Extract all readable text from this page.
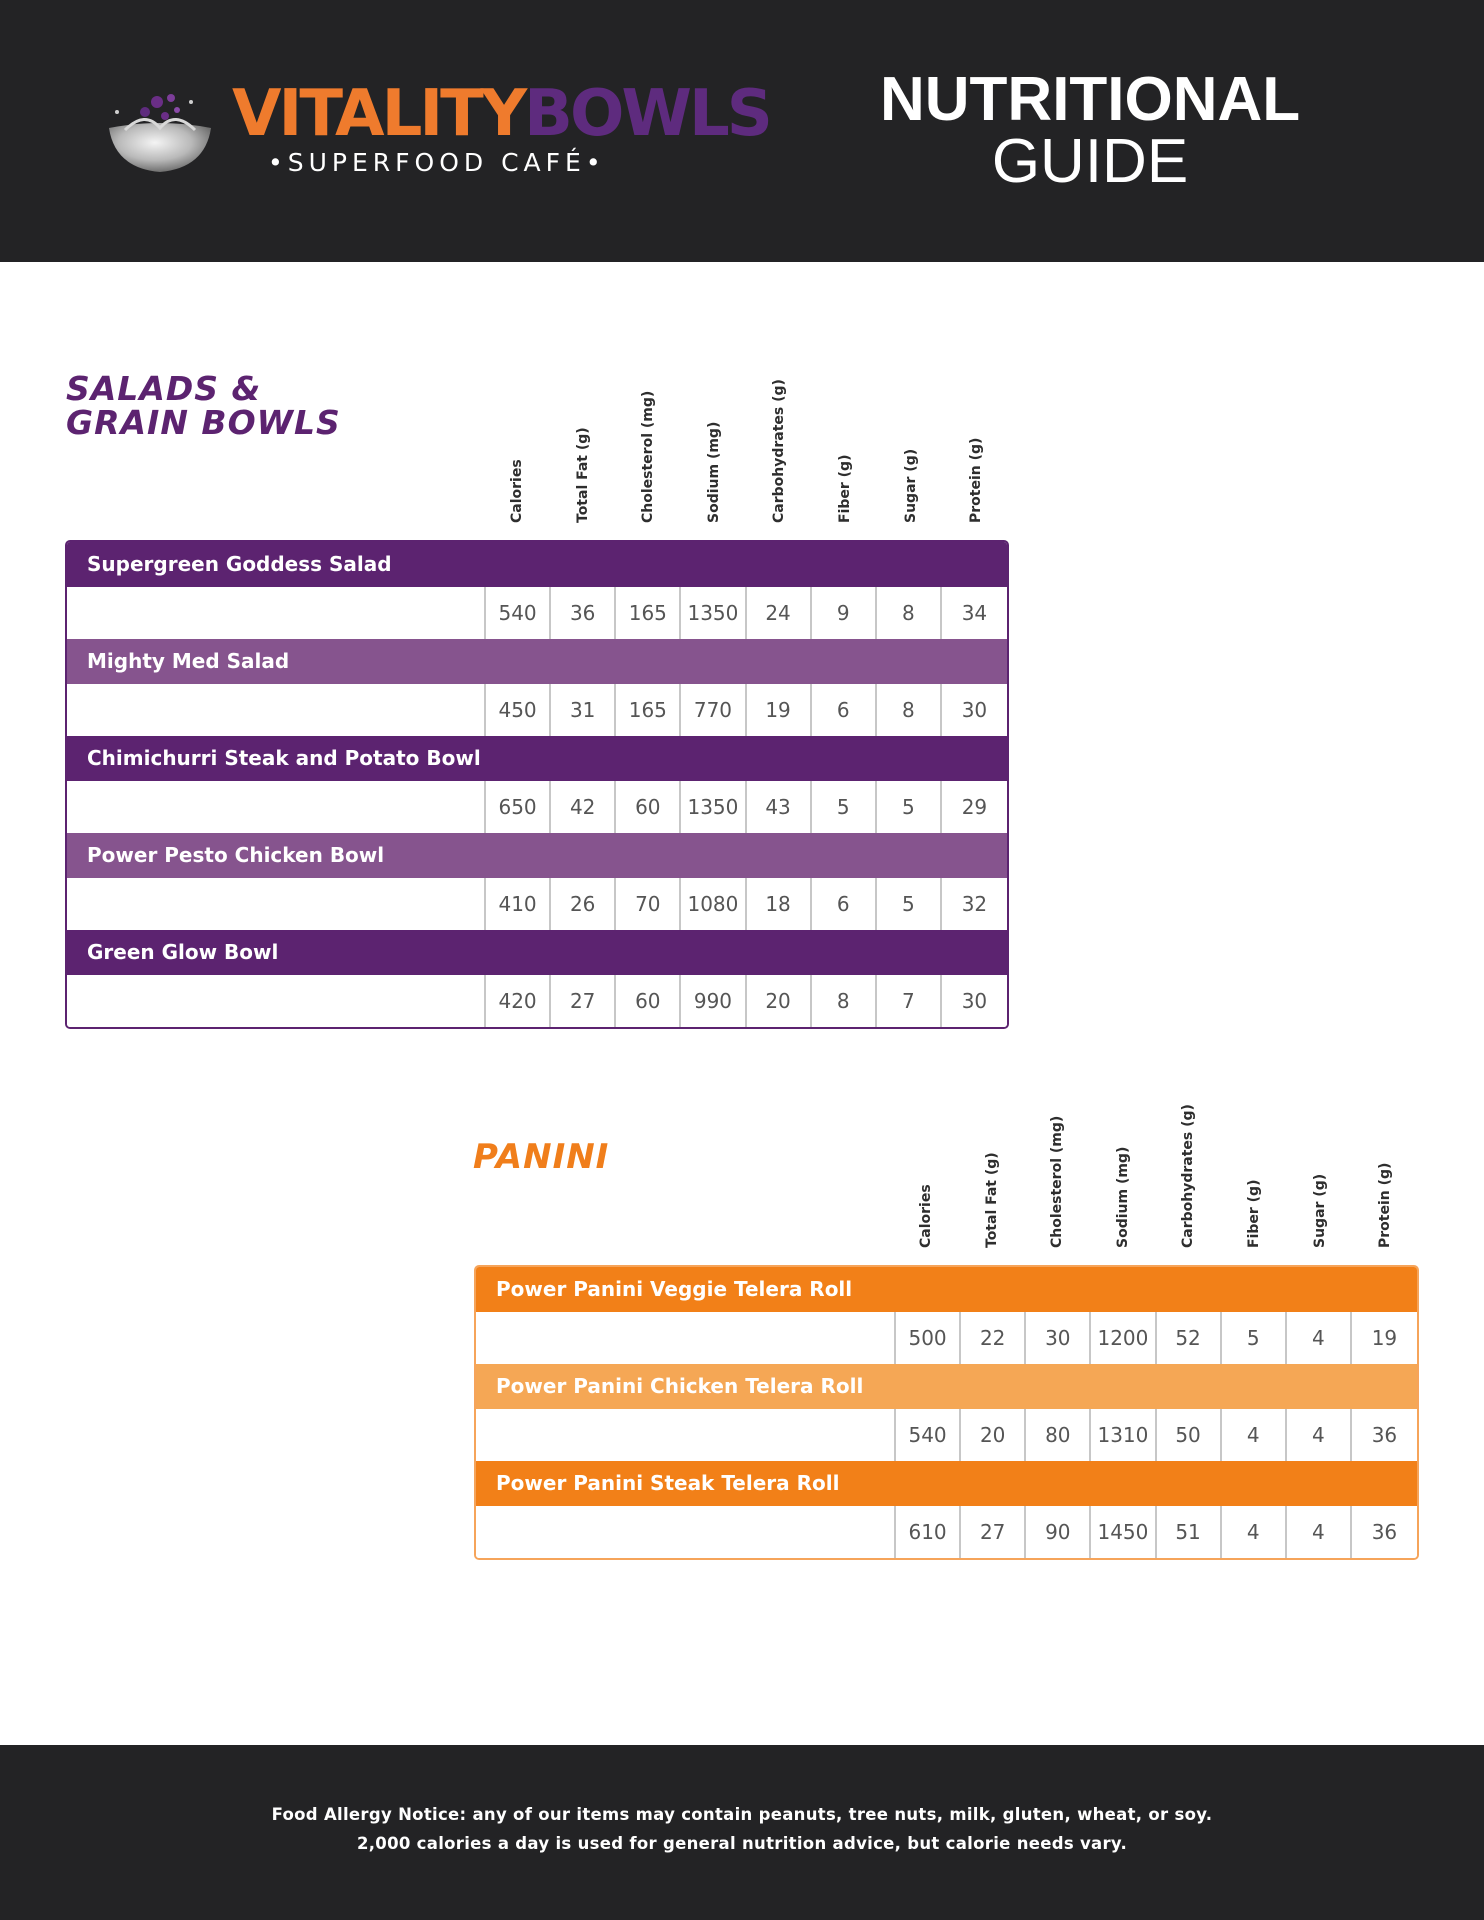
VITALITYBOWLS
•SUPERFOOD CAFÉ•
NUTRITIONAL
GUIDE
SALADS &
GRAIN BOWLS
Calories	Total Fat (g)	Cholesterol (mg)	Sodium (mg)	Carbohydrates (g)	Fiber (g)	Sugar (g)	Protein (g)
Supergreen Goddess Salad
540	36	165	1350	24	9	8	34
Mighty Med Salad
450	31	165	770	19	6	8	30
Chimichurri Steak and Potato Bowl
650	42	60	1350	43	5	5	29
Power Pesto Chicken Bowl
410	26	70	1080	18	6	5	32
Green Glow Bowl
420	27	60	990	20	8	7	30
PANINI
Calories	Total Fat (g)	Cholesterol (mg)	Sodium (mg)	Carbohydrates (g)	Fiber (g)	Sugar (g)	Protein (g)
Power Panini Veggie Telera Roll
500	22	30	1200	52	5	4	19
Power Panini Chicken Telera Roll
540	20	80	1310	50	4	4	36
Power Panini Steak Telera Roll
610	27	90	1450	51	4	4	36
Food Allergy Notice: any of our items may contain peanuts, tree nuts, milk, gluten, wheat, or soy.
2,000 calories a day is used for general nutrition advice, but calorie needs vary.
